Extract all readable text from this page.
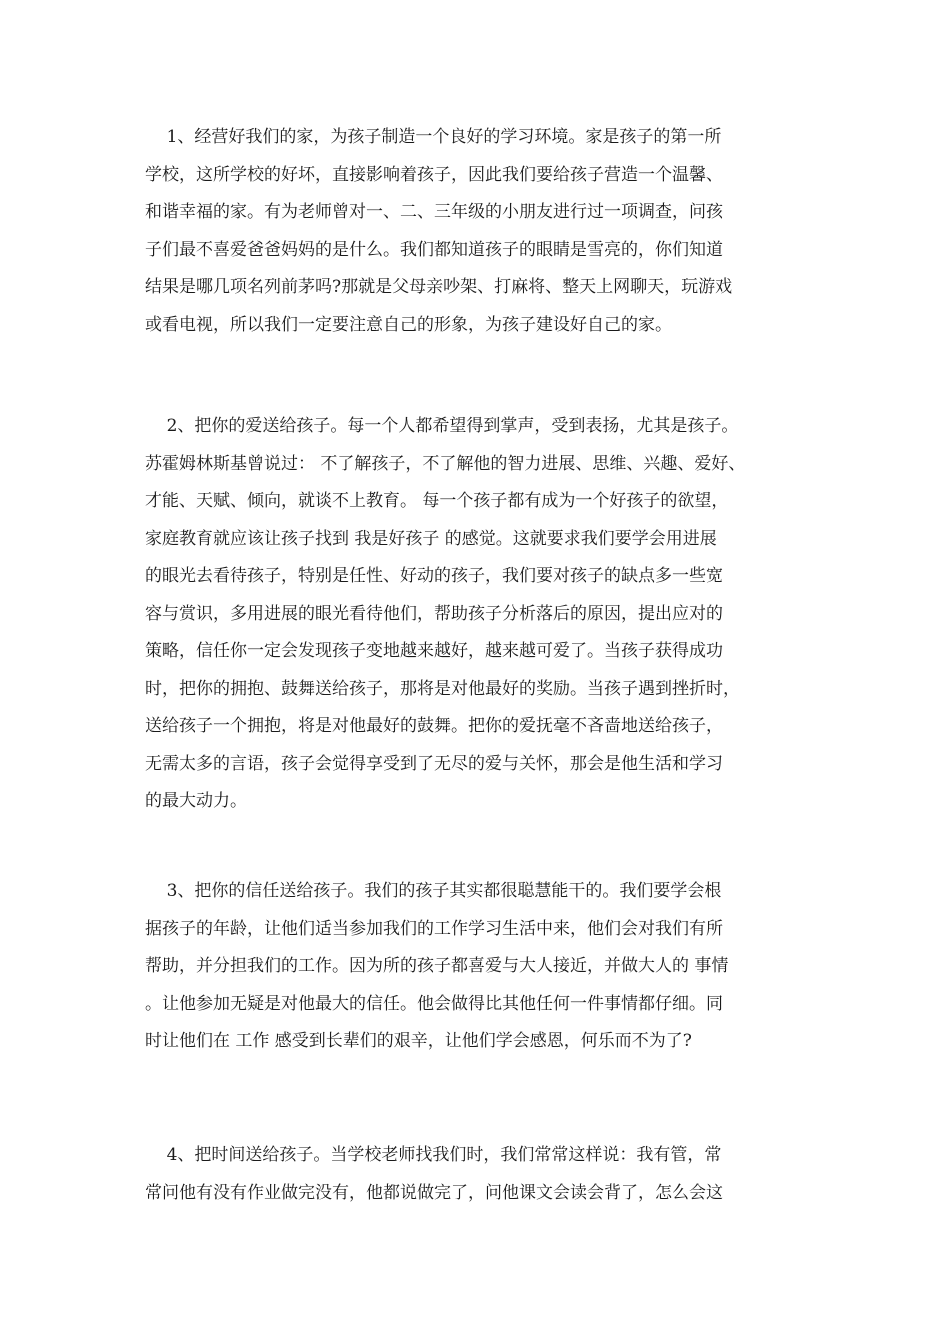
1、经营好我们的家，为孩子制造一个良好的学习环境。家是孩子的第一所
学校，这所学校的好坏，直接影响着孩子，因此我们要给孩子营造一个温馨、
和谐幸福的家。有为老师曾对一、二、三年级的小朋友进行过一项调查，问孩
子们最不喜爱爸爸妈妈的是什么。我们都知道孩子的眼睛是雪亮的，你们知道
结果是哪几项名列前茅吗?那就是父母亲吵架、打麻将、整天上网聊天，玩游戏
或看电视，所以我们一定要注意自己的形象，为孩子建设好自己的家。
2、把你的爱送给孩子。每一个人都希望得到掌声，受到表扬，尤其是孩子。
苏霍姆林斯基曾说过： 不了解孩子，不了解他的智力进展、思维、兴趣、爱好、
才能、天赋、倾向，就谈不上教育。 每一个孩子都有成为一个好孩子的欲望，
家庭教育就应该让孩子找到 我是好孩子 的感觉。这就要求我们要学会用进展
的眼光去看待孩子，特别是任性、好动的孩子，我们要对孩子的缺点多一些宽
容与赏识，多用进展的眼光看待他们，帮助孩子分析落后的原因，提出应对的
策略，信任你一定会发现孩子变地越来越好，越来越可爱了。当孩子获得成功
时，把你的拥抱、鼓舞送给孩子，那将是对他最好的奖励。当孩子遇到挫折时，
送给孩子一个拥抱，将是对他最好的鼓舞。把你的爱抚毫不吝啬地送给孩子，
无需太多的言语，孩子会觉得享受到了无尽的爱与关怀，那会是他生活和学习
的最大动力。
3、把你的信任送给孩子。我们的孩子其实都很聪慧能干的。我们要学会根
据孩子的年龄，让他们适当参加我们的工作学习生活中来，他们会对我们有所
帮助，并分担我们的工作。因为所的孩子都喜爱与大人接近，并做大人的 事情
。让他参加无疑是对他最大的信任。他会做得比其他任何一件事情都仔细。同
时让他们在 工作 感受到长辈们的艰辛，让他们学会感恩，何乐而不为了?
4、把时间送给孩子。当学校老师找我们时，我们常常这样说：我有管，常
常问他有没有作业做完没有，他都说做完了，问他课文会读会背了，怎么会这
